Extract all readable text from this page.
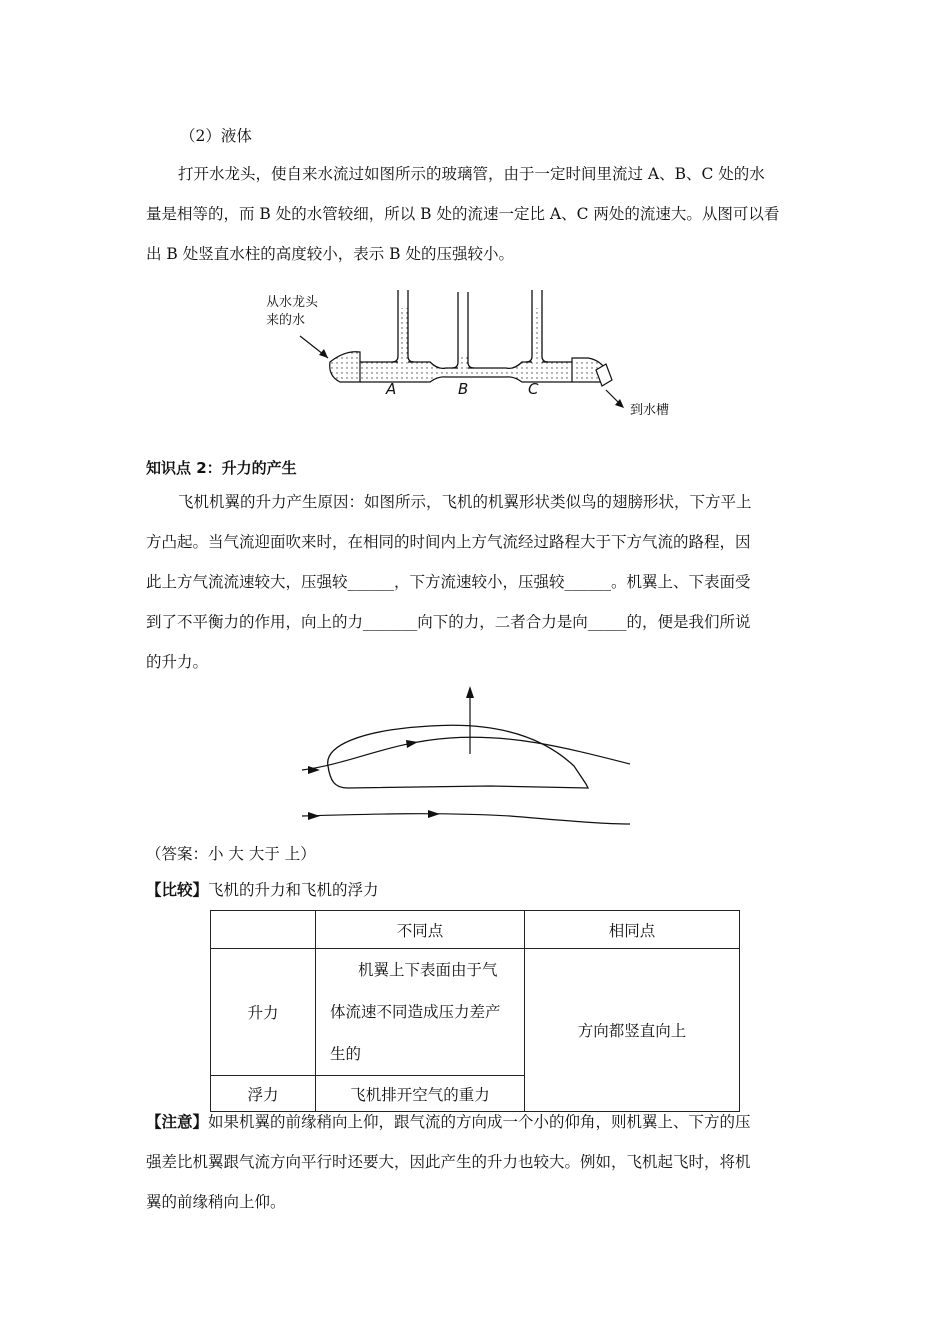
（2）液体
打开水龙头，使自来水流过如图所示的玻璃管，由于一定时间里流过 A、B、C 处的水
量是相等的，而 B 处的水管较细，所以 B 处的流速一定比 A、C 两处的流速大。从图可以看
出 B 处竖直水柱的高度较小，表示 B 处的压强较小。
从水龙头
来的水
到水槽
A	B	C
知识点 2：升力的产生
飞机机翼的升力产生原因：如图所示，飞机的机翼形状类似鸟的翅膀形状，下方平上
方凸起。当气流迎面吹来时，在相同的时间内上方气流经过路程大于下方气流的路程，因
此上方气流流速较大，压强较______，下方流速较小，压强较______。机翼上、下表面受
到了不平衡力的作用，向上的力_______向下的力，二者合力是向_____的，便是我们所说
的升力。
（答案：小 大 大于 上）
【比较】飞机的升力和飞机的浮力
	不同点	相同点
升力	机翼上下表面由于气
体流速不同造成压力差产
生的	方向都竖直向上
浮力	飞机排开空气的重力	
【注意】如果机翼的前缘稍向上仰，跟气流的方向成一个小的仰角，则机翼上、下方的压
强差比机翼跟气流方向平行时还要大，因此产生的升力也较大。例如，飞机起飞时，将机
翼的前缘稍向上仰。
